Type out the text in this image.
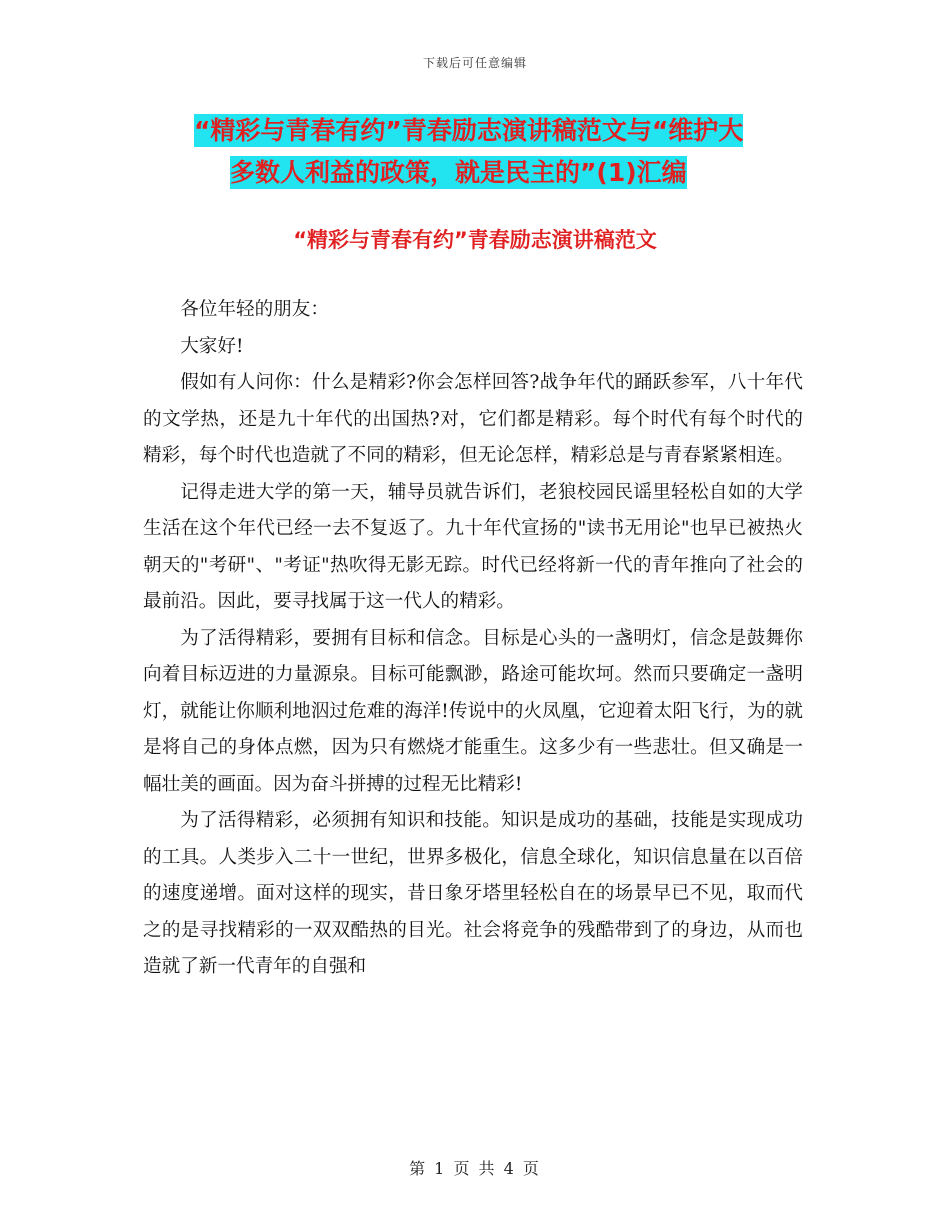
下载后可任意编辑
“精彩与青春有约”青春励志演讲稿范文与“维护大
多数人利益的政策，就是民主的”(1)汇编
“精彩与青春有约”青春励志演讲稿范文

各位年轻的朋友：

大家好!

假如有人问你：什么是精彩?你会怎样回答?战争年代的踊跃参军，八十年代的文学热，还是九十年代的出国热?对，它们都是精彩。每个时代有每个时代的精彩，每个时代也造就了不同的精彩，但无论怎样，精彩总是与青春紧紧相连。

记得走进大学的第一天，辅导员就告诉们，老狼校园民谣里轻松自如的大学生活在这个年代已经一去不复返了。九十年代宣扬的"读书无用论"也早已被热火朝天的"考研"、"考证"热吹得无影无踪。时代已经将新一代的青年推向了社会的最前沿。因此，要寻找属于这一代人的精彩。

为了活得精彩，要拥有目标和信念。目标是心头的一盏明灯，信念是鼓舞你向着目标迈进的力量源泉。目标可能飘渺，路途可能坎坷。然而只要确定一盏明灯，就能让你顺利地泅过危难的海洋!传说中的火凤凰，它迎着太阳飞行，为的就是将自己的身体点燃，因为只有燃烧才能重生。这多少有一些悲壮。但又确是一幅壮美的画面。因为奋斗拼搏的过程无比精彩!

为了活得精彩，必须拥有知识和技能。知识是成功的基础，技能是实现成功的工具。人类步入二十一世纪，世界多极化，信息全球化，知识信息量在以百倍的速度递增。面对这样的现实，昔日象牙塔里轻松自在的场景早已不见，取而代之的是寻找精彩的一双双酷热的目光。社会将竞争的残酷带到了的身边，从而也造就了新一代青年的自强和

第 1 页 共 4 页
